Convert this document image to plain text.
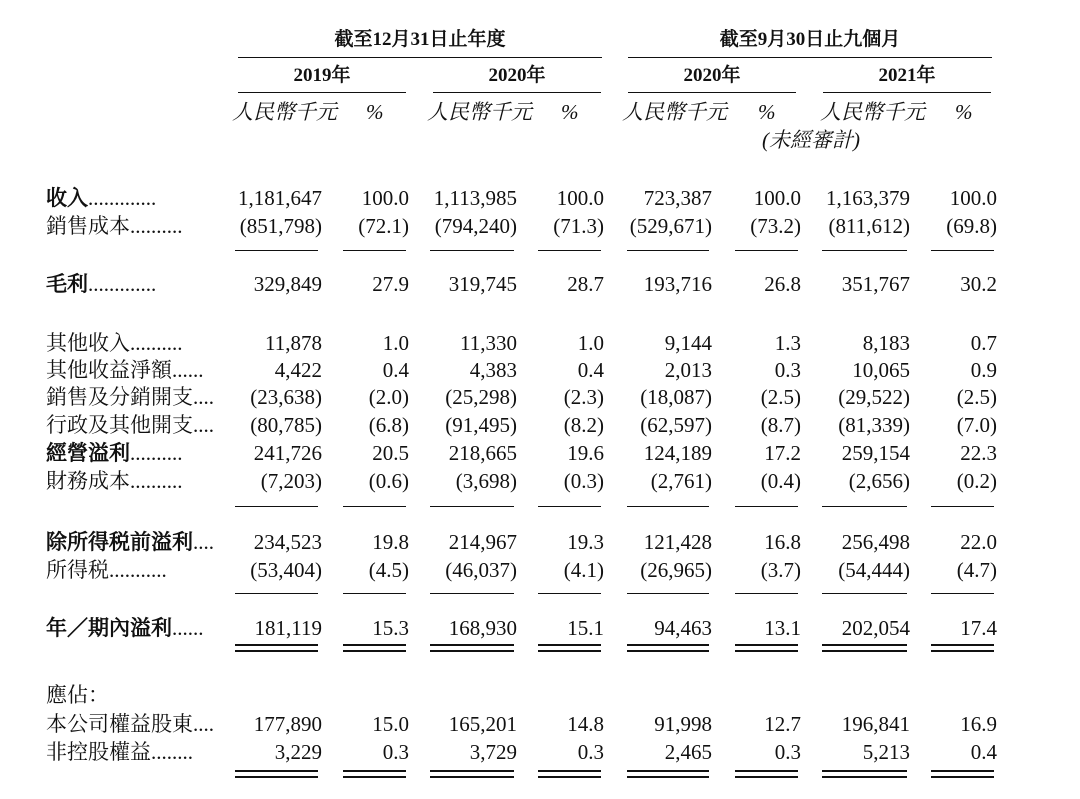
截至12月31日止年度	截至9月30日止九個月
2019年	2020年	2020年	2021年
人民幣千元 % 人民幣千元 % 人民幣千元 % 人民幣千元 %
(未經審計)
收入.............	1,181,647 100.0 1,113,985 100.0 723,387 100.0 1,163,379 100.0
銷售成本..........	(851,798) (72.1) (794,240) (71.3) (529,671) (73.2) (811,612) (69.8)
毛利.............	329,849 27.9 319,745 28.7 193,716 26.8 351,767 30.2
其他收入..........	11,878	1.0 11,330	1.0	9,144	1.3	8,183	0.7
其他收益淨額......	4,422	0.4	4,383	0.4	2,013	0.3 10,065	0.9
銷售及分銷開支.... (23,638) (2.0) (25,298) (2.3) (18,087) (2.5) (29,522) (2.5)
行政及其他開支.... (80,785) (6.8) (91,495) (8.2) (62,597) (8.7) (81,339) (7.0)
經營溢利..........	241,726 20.5 218,665 19.6 124,189 17.2 259,154 22.3
財務成本..........	(7,203) (0.6) (3,698) (0.3) (2,761) (0.4) (2,656) (0.2)
除所得税前溢利.... 234,523 19.8 214,967 19.3 121,428 16.8 256,498 22.0
所得税...........	(53,404) (4.5) (46,037) (4.1) (26,965) (3.7) (54,444) (4.7)
年／期內溢利...... 181,119 15.3 168,930 15.1 94,463 13.1 202,054 17.4
本公司權益股東.... 177,890 15.0 165,201 14.8 91,998 12.7 196,841 16.9
非控股權益........	3,229	0.3	3,729	0.3	2,465	0.3	5,213	0.4
應佔：
